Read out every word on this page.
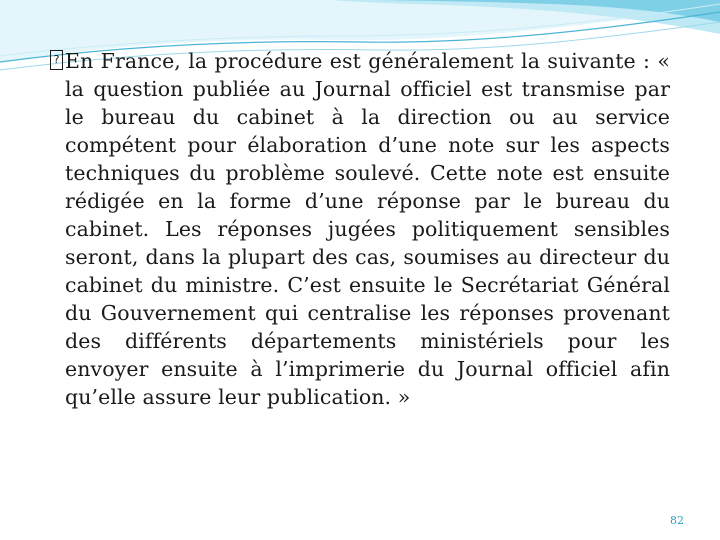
? En France, la procédure est généralement la suivante : « la question publiée au Journal officiel est transmise par le bureau du cabinet à la direction ou au service compétent pour élaboration d’une note sur les aspects techniques du problème soulevé. Cette note est ensuite rédigée en la forme d’une réponse par le bureau du cabinet. Les réponses jugées politiquement sensibles seront, dans la plupart des cas, soumises au directeur du cabinet du ministre. C’est ensuite le Secrétariat Général du Gouvernement qui centralise les réponses provenant des différents départements ministériels pour les envoyer ensuite à l’imprimerie du Journal officiel afin qu’elle assure leur publication. »
82
